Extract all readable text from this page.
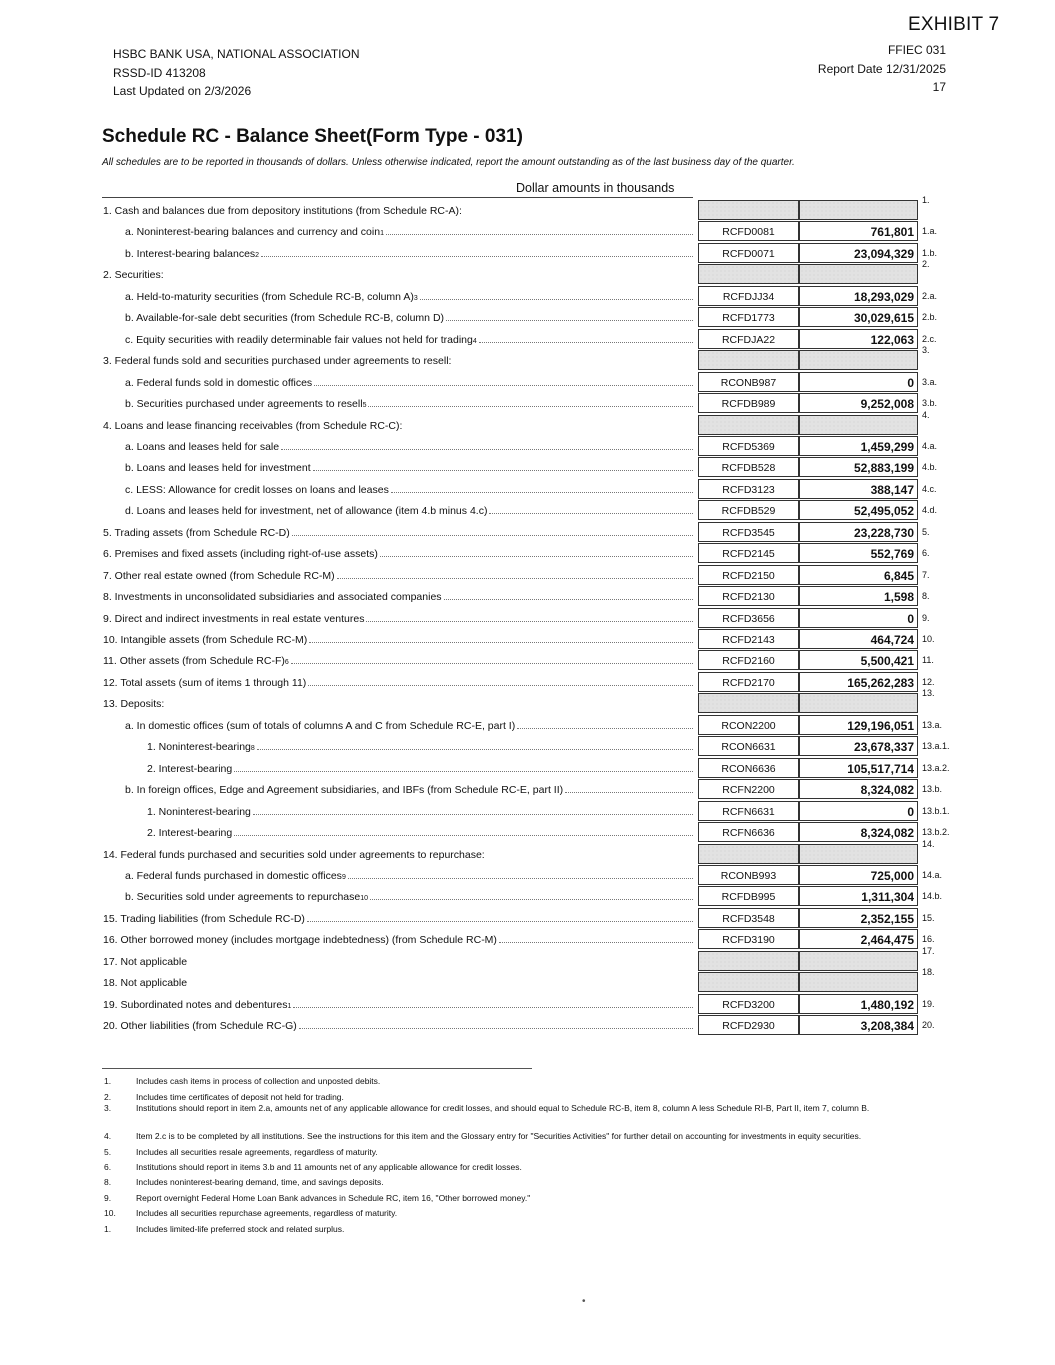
EXHIBIT 7
HSBC BANK USA, NATIONAL ASSOCIATION
RSSD-ID 413208
Last Updated on 2/3/2026
FFIEC 031
Report Date 12/31/2025
17
Schedule RC - Balance Sheet(Form Type - 031)
All schedules are to be reported in thousands of dollars. Unless otherwise indicated, report the amount outstanding as of the last business day of the quarter.
Dollar amounts in thousands
1. Cash and balances due from depository institutions (from Schedule RC-A):
1.
a. Noninterest-bearing balances and currency and coin 1	RCFD0081	761,801 1.a.
b. Interest-bearing balances 2	RCFD0071	23,094,329 1.b.
2. Securities:
2.
a. Held-to-maturity securities (from Schedule RC-B, column A) 3	RCFDJJ34	18,293,029 2.a.
b. Available-for-sale debt securities (from Schedule RC-B, column D)	RCFD1773	30,029,615 2.b.
c. Equity securities with readily determinable fair values not held for trading 4	RCFDJA22	122,063 2.c.
3. Federal funds sold and securities purchased under agreements to resell:
3.
a. Federal funds sold in domestic offices	RCONB987	0 3.a.
b. Securities purchased under agreements to resell 5	RCFDB989	9,252,008 3.b.
4. Loans and lease financing receivables (from Schedule RC-C):
4.
a. Loans and leases held for sale	RCFD5369	1,459,299 4.a.
b. Loans and leases held for investment	RCFDB528	52,883,199 4.b.
c. LESS: Allowance for credit losses on loans and leases	RCFD3123	388,147 4.c.
d. Loans and leases held for investment, net of allowance (item 4.b minus 4.c)	RCFDB529	52,495,052 4.d.
5. Trading assets (from Schedule RC-D)	RCFD3545	23,228,730 5.
6. Premises and fixed assets (including right-of-use assets)	RCFD2145	552,769 6.
7. Other real estate owned (from Schedule RC-M)	RCFD2150	6,845 7.
8. Investments in unconsolidated subsidiaries and associated companies	RCFD2130	1,598 8.
9. Direct and indirect investments in real estate ventures	RCFD3656	0 9.
10. Intangible assets (from Schedule RC-M)	RCFD2143	464,724 10.
11. Other assets (from Schedule RC-F) 6	RCFD2160	5,500,421 11.
12. Total assets (sum of items 1 through 11)	RCFD2170	165,262,283 12.
13. Deposits:
13.
a. In domestic offices (sum of totals of columns A and C from Schedule RC-E, part I)	RCON2200	129,196,051 13.a.
1. Noninterest-bearing 8	RCON6631	23,678,337 13.a.1.
2. Interest-bearing	RCON6636	105,517,714 13.a.2.
b. In foreign offices, Edge and Agreement subsidiaries, and IBFs (from Schedule RC-E, part II)	RCFN2200	8,324,082 13.b.
1. Noninterest-bearing	RCFN6631	0 13.b.1.
2. Interest-bearing	RCFN6636	8,324,082 13.b.2.
14. Federal funds purchased and securities sold under agreements to repurchase:
14.
a. Federal funds purchased in domestic offices 9	RCONB993	725,000 14.a.
b. Securities sold under agreements to repurchase 10	RCFDB995	1,311,304 14.b.
15. Trading liabilities (from Schedule RC-D)	RCFD3548	2,352,155 15.
16. Other borrowed money (includes mortgage indebtedness) (from Schedule RC-M)	RCFD3190	2,464,475 16.
17. Not applicable
17.
18. Not applicable
18.
19. Subordinated notes and debentures 1	RCFD3200	1,480,192 19.
20. Other liabilities (from Schedule RC-G)	RCFD2930	3,208,384 20.
1.	Includes cash items in process of collection and unposted debits.
2.	Includes time certificates of deposit not held for trading.
3.	Institutions should report in item 2.a, amounts net of any applicable allowance for credit losses, and should equal to Schedule RC-B, item 8, column A less Schedule RI-B, Part II, item 7, column B.
4.	Item 2.c is to be completed by all institutions. See the instructions for this item and the Glossary entry for "Securities Activities" for further detail on accounting for investments in equity securities.
5.	Includes all securities resale agreements, regardless of maturity.
6.	Institutions should report in items 3.b and 11 amounts net of any applicable allowance for credit losses.
8.	Includes noninterest-bearing demand, time, and savings deposits.
9.	Report overnight Federal Home Loan Bank advances in Schedule RC, item 16, "Other borrowed money."
10.	Includes all securities repurchase agreements, regardless of maturity.
1.	Includes limited-life preferred stock and related surplus.
•
